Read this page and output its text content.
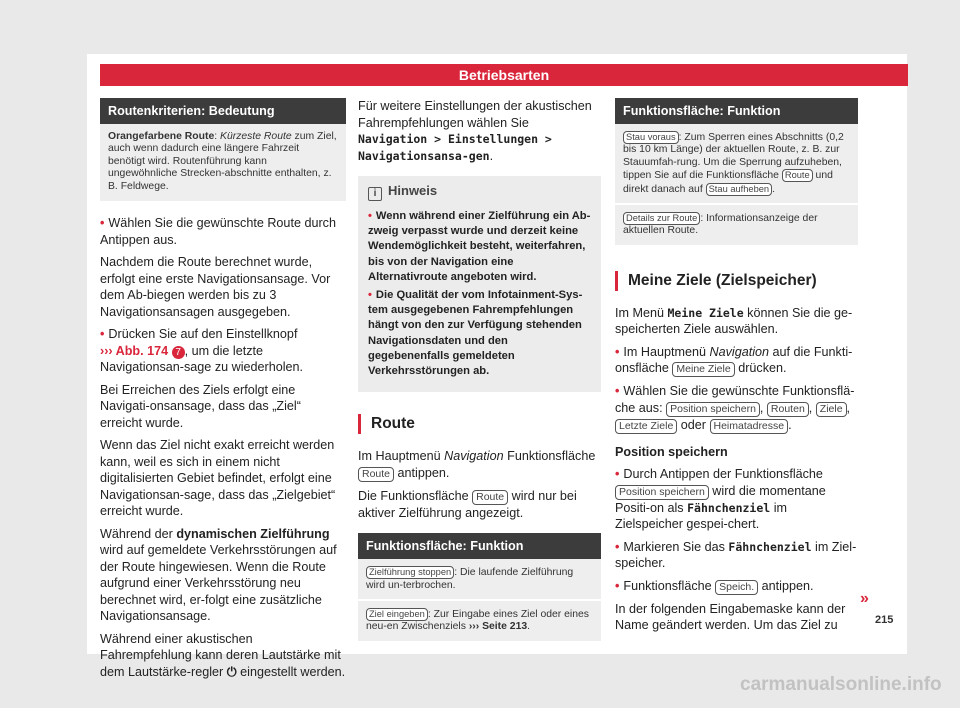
Betriebsarten
Routenkriterien: Bedeutung
Orangefarbene Route: Kürzeste Route zum Ziel, auch wenn dadurch eine längere Fahrzeit benötigt wird. Routenführung kann ungewöhnliche Strecken-abschnitte enthalten, z. B. Feldwege.

• Wählen Sie die gewünschte Route durch Antippen aus.

Nachdem die Route berechnet wurde, erfolgt eine erste Navigationsansage. Vor dem Ab-biegen werden bis zu 3 Navigationsansagen ausgegeben.

• Drücken Sie auf den Einstellknopf
››› Abb. 174 7 , um die letzte Navigationsan-sage zu wiederholen.

Bei Erreichen des Ziels erfolgt eine Navigati-onsansage, dass das „Ziel“ erreicht wurde.

Wenn das Ziel nicht exakt erreicht werden kann, weil es sich in einem nicht digitalisierten Gebiet befindet, erfolgt eine Navigationsan-sage, dass das „Zielgebiet“ erreicht wurde.

Während der dynamischen Zielführung wird auf gemeldete Verkehrsstörungen auf der Route hingewiesen. Wenn die Route aufgrund einer Verkehrsstörung neu berechnet wird, er-folgt eine zusätzliche Navigationsansage.

Während einer akustischen Fahrempfehlung kann deren Lautstärke mit dem Lautstärke-regler ⏻ eingestellt werden.

Für weitere Einstellungen der akustischen Fahrempfehlungen wählen Sie Navigation > Einstellungen > Navigationsansa-gen.

i Hinweis

• Wenn während einer Zielführung ein Ab-zweig verpasst wurde und derzeit keine Wendemöglichkeit besteht, weiterfahren, bis von der Navigation eine Alternativroute angeboten wird.

• Die Qualität der vom Infotainment-Sys-tem ausgegebenen Fahrempfehlungen hängt von den zur Verfügung stehenden Navigationsdaten und den gegebenenfalls gemeldeten Verkehrsstörungen ab.

Route

Im Hauptmenü Navigation Funktionsfläche
Route antippen.

Die Funktionsfläche Route wird nur bei aktiver Zielführung angezeigt.

Funktionsfläche: Funktion
Zielführung stoppen : Die laufende Zielführung wird un-terbrochen.
Ziel eingeben : Zur Eingabe eines Ziel oder eines neu-en Zwischenziels ››› Seite 213.
Funktionsfläche: Funktion
Stau voraus : Zum Sperren eines Abschnitts (0,2 bis 10 km Länge) der aktuellen Route, z. B. zur Stauumfah-rung. Um die Sperrung aufzuheben, tippen Sie auf die Funktionsfläche Route und direkt danach auf Stau aufheben .
Details zur Route : Informationsanzeige der aktuellen Route.
Meine Ziele (Zielspeicher)

Im Menü Meine Ziele können Sie die ge-speicherten Ziele auswählen.

• Im Hauptmenü Navigation auf die Funkti-onsfläche Meine Ziele drücken.

• Wählen Sie die gewünschte Funktionsflä-che aus: Position speichern , Routen , Ziele , Letzte Ziele oder Heimatadresse .

Position speichern

• Durch Antippen der Funktionsfläche Position speichern wird die momentane Positi-on als Fähnchenziel im Zielspeicher gespei-chert.

• Markieren Sie das Fähnchenziel im Ziel-speicher.

• Funktionsfläche Speich. antippen.

In der folgenden Eingabemaske kann der Name geändert werden. Um das Ziel zu

»
215
carmanualsonline.info
